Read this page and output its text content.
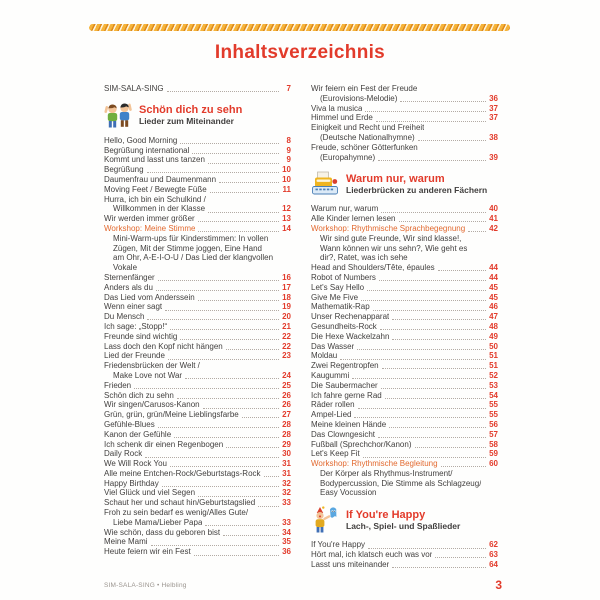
Inhaltsverzeichnis
SIM-SALA-SING	7
Schön dich zu sehn
Lieder zum Miteinander
Hello, Good Morning	8
Begrüßung international	9
Kommt und lasst uns tanzen	9
Begrüßung	10
Daumenfrau und Daumenmann	10
Moving Feet / Bewegte Füße	11
Hurra, ich bin ein Schulkind /
Willkommen in der Klasse	12
Wir werden immer größer	13
Workshop: Meine Stimme	14
Mini-Warm-ups für Kinderstimmen: In vollen
Zügen, Mit der Stimme joggen, Eine Hand
am Ohr, A-E-I-O-U / Das Lied der klangvollen
Vokale
Sternenfänger	16
Anders als du	17
Das Lied vom Anderssein	18
Wenn einer sagt	19
Du Mensch	20
Ich sage: „Stopp!“	21
Freunde sind wichtig	22
Lass doch den Kopf nicht hängen	22
Lied der Freunde	23
Friedensbrücken der Welt /
Make Love not War	24
Frieden	25
Schön dich zu sehn	26
Wir singen/Carusos-Kanon	26
Grün, grün, grün/Meine Lieblingsfarbe	27
Gefühle-Blues	28
Kanon der Gefühle	28
Ich schenk dir einen Regenbogen	29
Daily Rock	30
We Will Rock You	31
Alle meine Entchen-Rock/Geburtstags-Rock	31
Happy Birthday	32
Viel Glück und viel Segen	32
Schaut her und schaut hin/Geburtstagslied	33
Froh zu sein bedarf es wenig/Alles Gute/
Liebe Mama/Lieber Papa	33
Wie schön, dass du geboren bist	34
Meine Mami	35
Heute feiern wir ein Fest	36
Wir feiern ein Fest der Freude
(Eurovisions-Melodie)	36
Viva la musica	37
Himmel und Erde	37
Einigkeit und Recht und Freiheit
(Deutsche Nationalhymne)	38
Freude, schöner Götterfunken
(Europahymne)	39
Warum nur, warum
Liederbrücken zu anderen Fächern
Warum nur, warum	40
Alle Kinder lernen lesen	41
Workshop: Rhythmische Sprachbegegnung	42
Wir sind gute Freunde, Wir sind klasse!,
Wann können wir uns sehn?, Wie geht es
dir?, Ratet, was ich sehe
Head and Shoulders/Tête, épaules	44
Robot of Numbers	44
Let's Say Hello	45
Give Me Five	45
Mathematik-Rap	46
Unser Rechenapparat	47
Gesundheits-Rock	48
Die Hexe Wackelzahn	49
Das Wasser	50
Moldau	51
Zwei Regentropfen	51
Kaugummi	52
Die Saubermacher	53
Ich fahre gerne Rad	54
Räder rollen	55
Ampel-Lied	55
Meine kleinen Hände	56
Das Clowngesicht	57
Fußball (Sprechchor/Kanon)	58
Let's Keep Fit	59
Workshop: Rhythmische Begleitung	60
Der Körper als Rhythmus-Instrument/
Bodypercussion, Die Stimme als Schlagzeug/
Easy Vocussion
If You're Happy
Lach-, Spiel- und Spaßlieder
If You're Happy	62
Hört mal, ich klatsch euch was vor	63
Lasst uns miteinander	64
SIM-SALA-SING • Helbling	3
